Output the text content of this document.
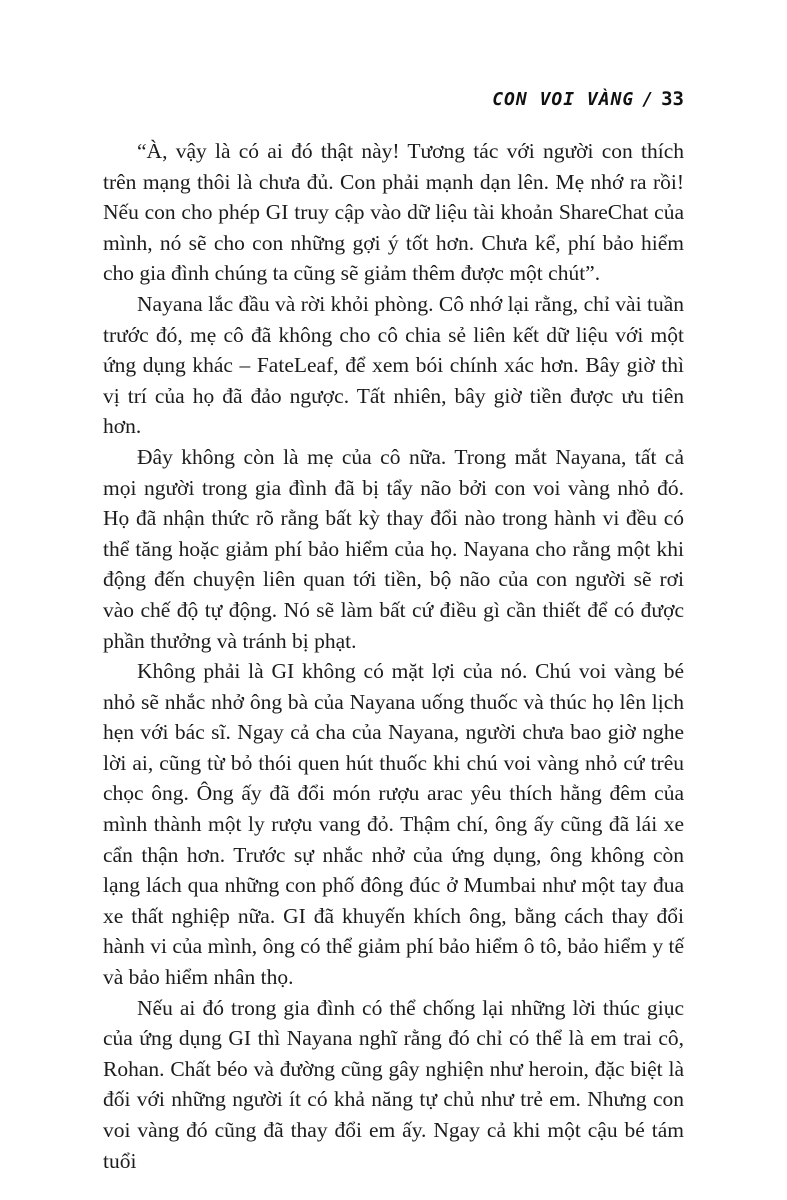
CON VOI VÀNG / 33

“À, vậy là có ai đó thật này! Tương tác với người con thích trên mạng thôi là chưa đủ. Con phải mạnh dạn lên. Mẹ nhớ ra rồi! Nếu con cho phép GI truy cập vào dữ liệu tài khoản ShareChat của mình, nó sẽ cho con những gợi ý tốt hơn. Chưa kể, phí bảo hiểm cho gia đình chúng ta cũng sẽ giảm thêm được một chút”.

Nayana lắc đầu và rời khỏi phòng. Cô nhớ lại rằng, chỉ vài tuần trước đó, mẹ cô đã không cho cô chia sẻ liên kết dữ liệu với một ứng dụng khác – FateLeaf, để xem bói chính xác hơn. Bây giờ thì vị trí của họ đã đảo ngược. Tất nhiên, bây giờ tiền được ưu tiên hơn.

Đây không còn là mẹ của cô nữa. Trong mắt Nayana, tất cả mọi người trong gia đình đã bị tẩy não bởi con voi vàng nhỏ đó. Họ đã nhận thức rõ rằng bất kỳ thay đổi nào trong hành vi đều có thể tăng hoặc giảm phí bảo hiểm của họ. Nayana cho rằng một khi động đến chuyện liên quan tới tiền, bộ não của con người sẽ rơi vào chế độ tự động. Nó sẽ làm bất cứ điều gì cần thiết để có được phần thưởng và tránh bị phạt.

Không phải là GI không có mặt lợi của nó. Chú voi vàng bé nhỏ sẽ nhắc nhở ông bà của Nayana uống thuốc và thúc họ lên lịch hẹn với bác sĩ. Ngay cả cha của Nayana, người chưa bao giờ nghe lời ai, cũng từ bỏ thói quen hút thuốc khi chú voi vàng nhỏ cứ trêu chọc ông. Ông ấy đã đổi món rượu arac yêu thích hằng đêm của mình thành một ly rượu vang đỏ. Thậm chí, ông ấy cũng đã lái xe cẩn thận hơn. Trước sự nhắc nhở của ứng dụng, ông không còn lạng lách qua những con phố đông đúc ở Mumbai như một tay đua xe thất nghiệp nữa. GI đã khuyến khích ông, bằng cách thay đổi hành vi của mình, ông có thể giảm phí bảo hiểm ô tô, bảo hiểm y tế và bảo hiểm nhân thọ.

Nếu ai đó trong gia đình có thể chống lại những lời thúc giục của ứng dụng GI thì Nayana nghĩ rằng đó chỉ có thể là em trai cô, Rohan. Chất béo và đường cũng gây nghiện như heroin, đặc biệt là đối với những người ít có khả năng tự chủ như trẻ em. Nhưng con voi vàng đó cũng đã thay đổi em ấy. Ngay cả khi một cậu bé tám tuổi
